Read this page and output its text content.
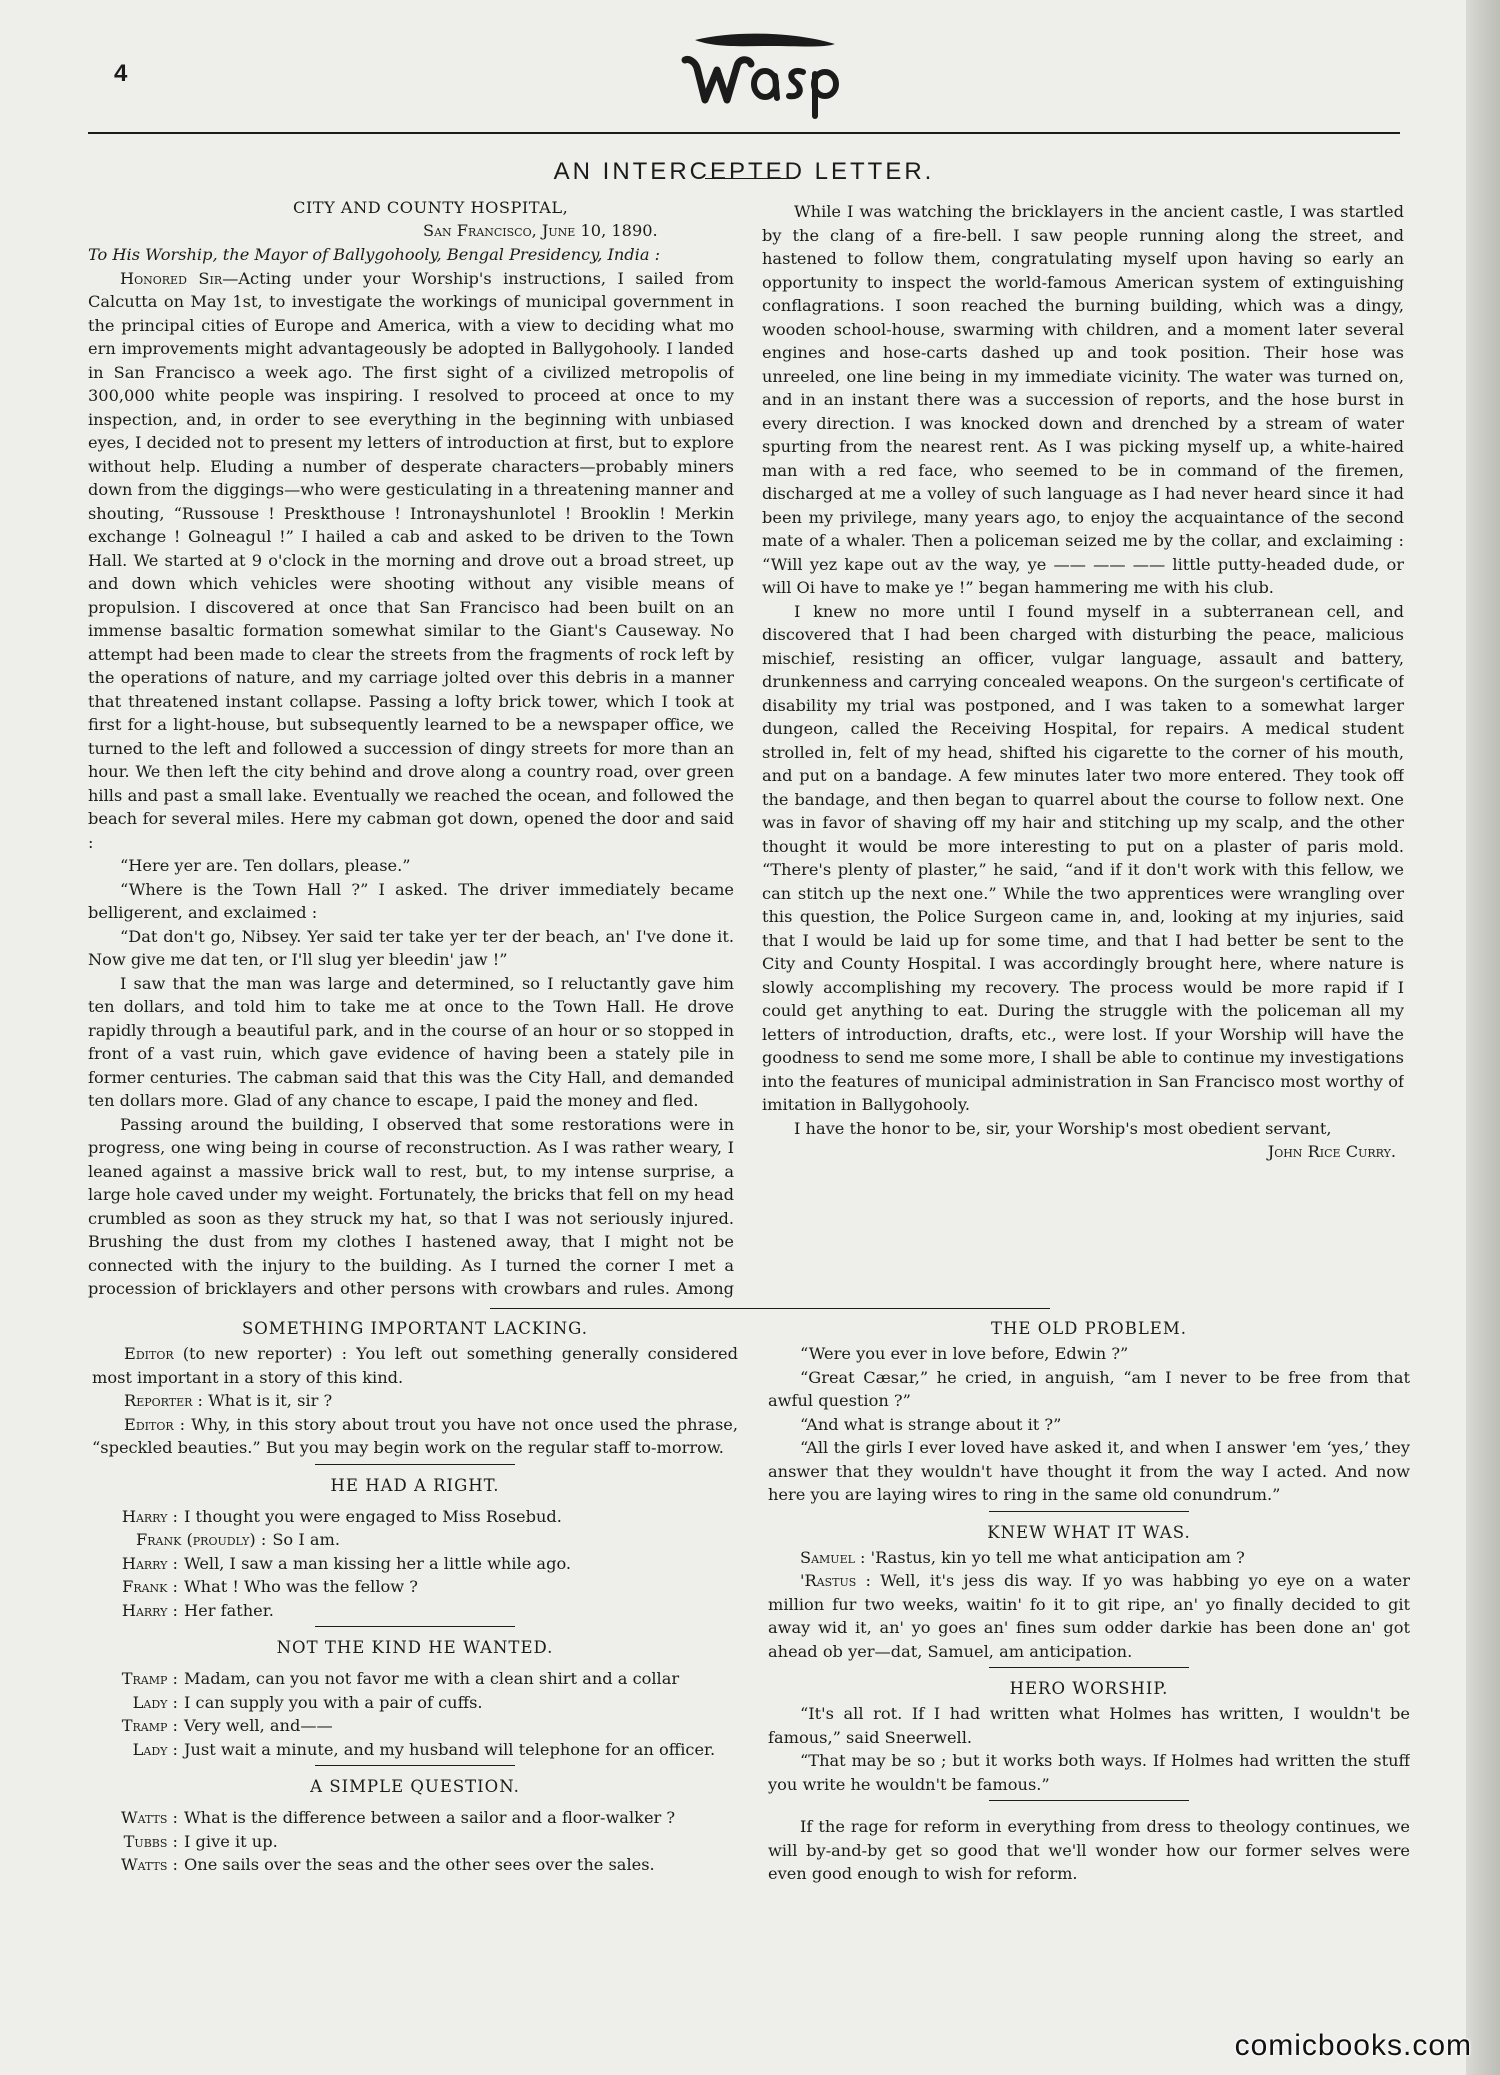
4
AN INTERCEPTED LETTER.
CITY AND COUNTY HOSPITAL,
San Francisco, June 10, 1890.

To His Worship, the Mayor of Ballygohooly, Bengal Presidency, India :

Honored Sir—Acting under your Worship's instructions, I sailed from Calcutta on May 1st, to investigate the workings of municipal government in the principal cities of Europe and America, with a view to deciding what mo ern improvements might advantageously be adopted in Ballygohooly. I landed in San Francisco a week ago. The first sight of a civilized metropolis of 300,000 white people was inspiring. I resolved to proceed at once to my inspection, and, in order to see everything in the beginning with unbiased eyes, I decided not to present my letters of introduction at first, but to explore without help. Eluding a number of desperate characters—probably miners down from the diggings—who were gesticulating in a threatening manner and shouting, “Russouse ! Preskthouse ! Intronayshunlotel ! Brooklin ! Merkin exchange ! Golneagul !” I hailed a cab and asked to be driven to the Town Hall. We started at 9 o'clock in the morning and drove out a broad street, up and down which vehicles were shooting without any visible means of propulsion. I discovered at once that San Francisco had been built on an immense basaltic formation somewhat similar to the Giant's Causeway. No attempt had been made to clear the streets from the fragments of rock left by the operations of nature, and my carriage jolted over this debris in a manner that threatened instant collapse. Passing a lofty brick tower, which I took at first for a light-house, but subsequently learned to be a newspaper office, we turned to the left and followed a succession of dingy streets for more than an hour. We then left the city behind and drove along a country road, over green hills and past a small lake. Eventually we reached the ocean, and followed the beach for several miles. Here my cabman got down, opened the door and said :

“Here yer are. Ten dollars, please.”

“Where is the Town Hall ?” I asked. The driver immediately became belligerent, and exclaimed :

“Dat don't go, Nibsey. Yer said ter take yer ter der beach, an' I've done it. Now give me dat ten, or I'll slug yer bleedin' jaw !”

I saw that the man was large and determined, so I reluctantly gave him ten dollars, and told him to take me at once to the Town Hall. He drove rapidly through a beautiful park, and in the course of an hour or so stopped in front of a vast ruin, which gave evidence of having been a stately pile in former centuries. The cabman said that this was the City Hall, and demanded ten dollars more. Glad of any chance to escape, I paid the money and fled.

Passing around the building, I observed that some restorations were in progress, one wing being in course of reconstruction. As I was rather weary, I leaned against a massive brick wall to rest, but, to my intense surprise, a large hole caved under my weight. Fortunately, the bricks that fell on my head crumbled as soon as they struck my hat, so that I was not seriously injured. Brushing the dust from my clothes I hastened away, that I might not be connected with the injury to the building. As I turned the corner I met a procession of bricklayers and other persons with crowbars and rules. Among

While I was watching the bricklayers in the ancient castle, I was startled by the clang of a fire-bell. I saw people running along the street, and hastened to follow them, congratulating myself upon having so early an opportunity to inspect the world-famous American system of extinguishing conflagrations. I soon reached the burning building, which was a dingy, wooden school-house, swarming with children, and a moment later several engines and hose-carts dashed up and took position. Their hose was unreeled, one line being in my immediate vicinity. The water was turned on, and in an instant there was a succession of reports, and the hose burst in every direction. I was knocked down and drenched by a stream of water spurting from the nearest rent. As I was picking myself up, a white-haired man with a red face, who seemed to be in command of the firemen, discharged at me a volley of such language as I had never heard since it had been my privilege, many years ago, to enjoy the acquaintance of the second mate of a whaler. Then a policeman seized me by the collar, and exclaiming : “Will yez kape out av the way, ye —— —— —— little putty-headed dude, or will Oi have to make ye !” began hammering me with his club.

I knew no more until I found myself in a subterranean cell, and discovered that I had been charged with disturbing the peace, malicious mischief, resisting an officer, vulgar language, assault and battery, drunkenness and carrying concealed weapons. On the surgeon's certificate of disability my trial was postponed, and I was taken to a somewhat larger dungeon, called the Receiving Hospital, for repairs. A medical student strolled in, felt of my head, shifted his cigarette to the corner of his mouth, and put on a bandage. A few minutes later two more entered. They took off the bandage, and then began to quarrel about the course to follow next. One was in favor of shaving off my hair and stitching up my scalp, and the other thought it would be more interesting to put on a plaster of paris mold. “There's plenty of plaster,” he said, “and if it don't work with this fellow, we can stitch up the next one.” While the two apprentices were wrangling over this question, the Police Surgeon came in, and, looking at my injuries, said that I would be laid up for some time, and that I had better be sent to the City and County Hospital. I was accordingly brought here, where nature is slowly accomplishing my recovery. The process would be more rapid if I could get anything to eat. During the struggle with the policeman all my letters of introduction, drafts, etc., were lost. If your Worship will have the goodness to send me some more, I shall be able to continue my investigations into the features of municipal administration in San Francisco most worthy of imitation in Ballygohooly.

I have the honor to be, sir, your Worship's most obedient servant,

John Rice Curry.

SOMETHING IMPORTANT LACKING.

Editor (to new reporter) : You left out something generally considered most important in a story of this kind.

Reporter : What is it, sir ?

Editor : Why, in this story about trout you have not once used the phrase, “speckled beauties.” But you may begin work on the regular staff to-morrow.

HE HAD A RIGHT.
Harry : I thought you were engaged to Miss Rosebud.
Frank (proudly) : So I am.
Harry : Well, I saw a man kissing her a little while ago.
Frank : What ! Who was the fellow ?
Harry : Her father.
NOT THE KIND HE WANTED.
Tramp : Madam, can you not favor me with a clean shirt and a collar
Lady : I can supply you with a pair of cuffs.
Tramp : Very well, and——
Lady : Just wait a minute, and my husband will telephone for an officer.
A SIMPLE QUESTION.
Watts : What is the difference between a sailor and a floor-walker ?
Tubbs : I give it up.
Watts : One sails over the seas and the other sees over the sales.
THE OLD PROBLEM.

“Were you ever in love before, Edwin ?”

“Great Cæsar,” he cried, in anguish, “am I never to be free from that awful question ?”

“And what is strange about it ?”

“All the girls I ever loved have asked it, and when I answer 'em ‘yes,’ they answer that they wouldn't have thought it from the way I acted. And now here you are laying wires to ring in the same old conundrum.”

KNEW WHAT IT WAS.

Samuel : 'Rastus, kin yo tell me what anticipation am ?

'Rastus : Well, it's jess dis way. If yo was habbing yo eye on a water million fur two weeks, waitin' fo it to git ripe, an' yo finally decided to git away wid it, an' yo goes an' fines sum odder darkie has been done an' got ahead ob yer—dat, Samuel, am anticipation.

HERO WORSHIP.

“It's all rot. If I had written what Holmes has written, I wouldn't be famous,” said Sneerwell.

“That may be so ; but it works both ways. If Holmes had written the stuff you write he wouldn't be famous.”

If the rage for reform in everything from dress to theology continues, we will by-and-by get so good that we'll wonder how our former selves were even good enough to wish for reform.

comicbooks.com
